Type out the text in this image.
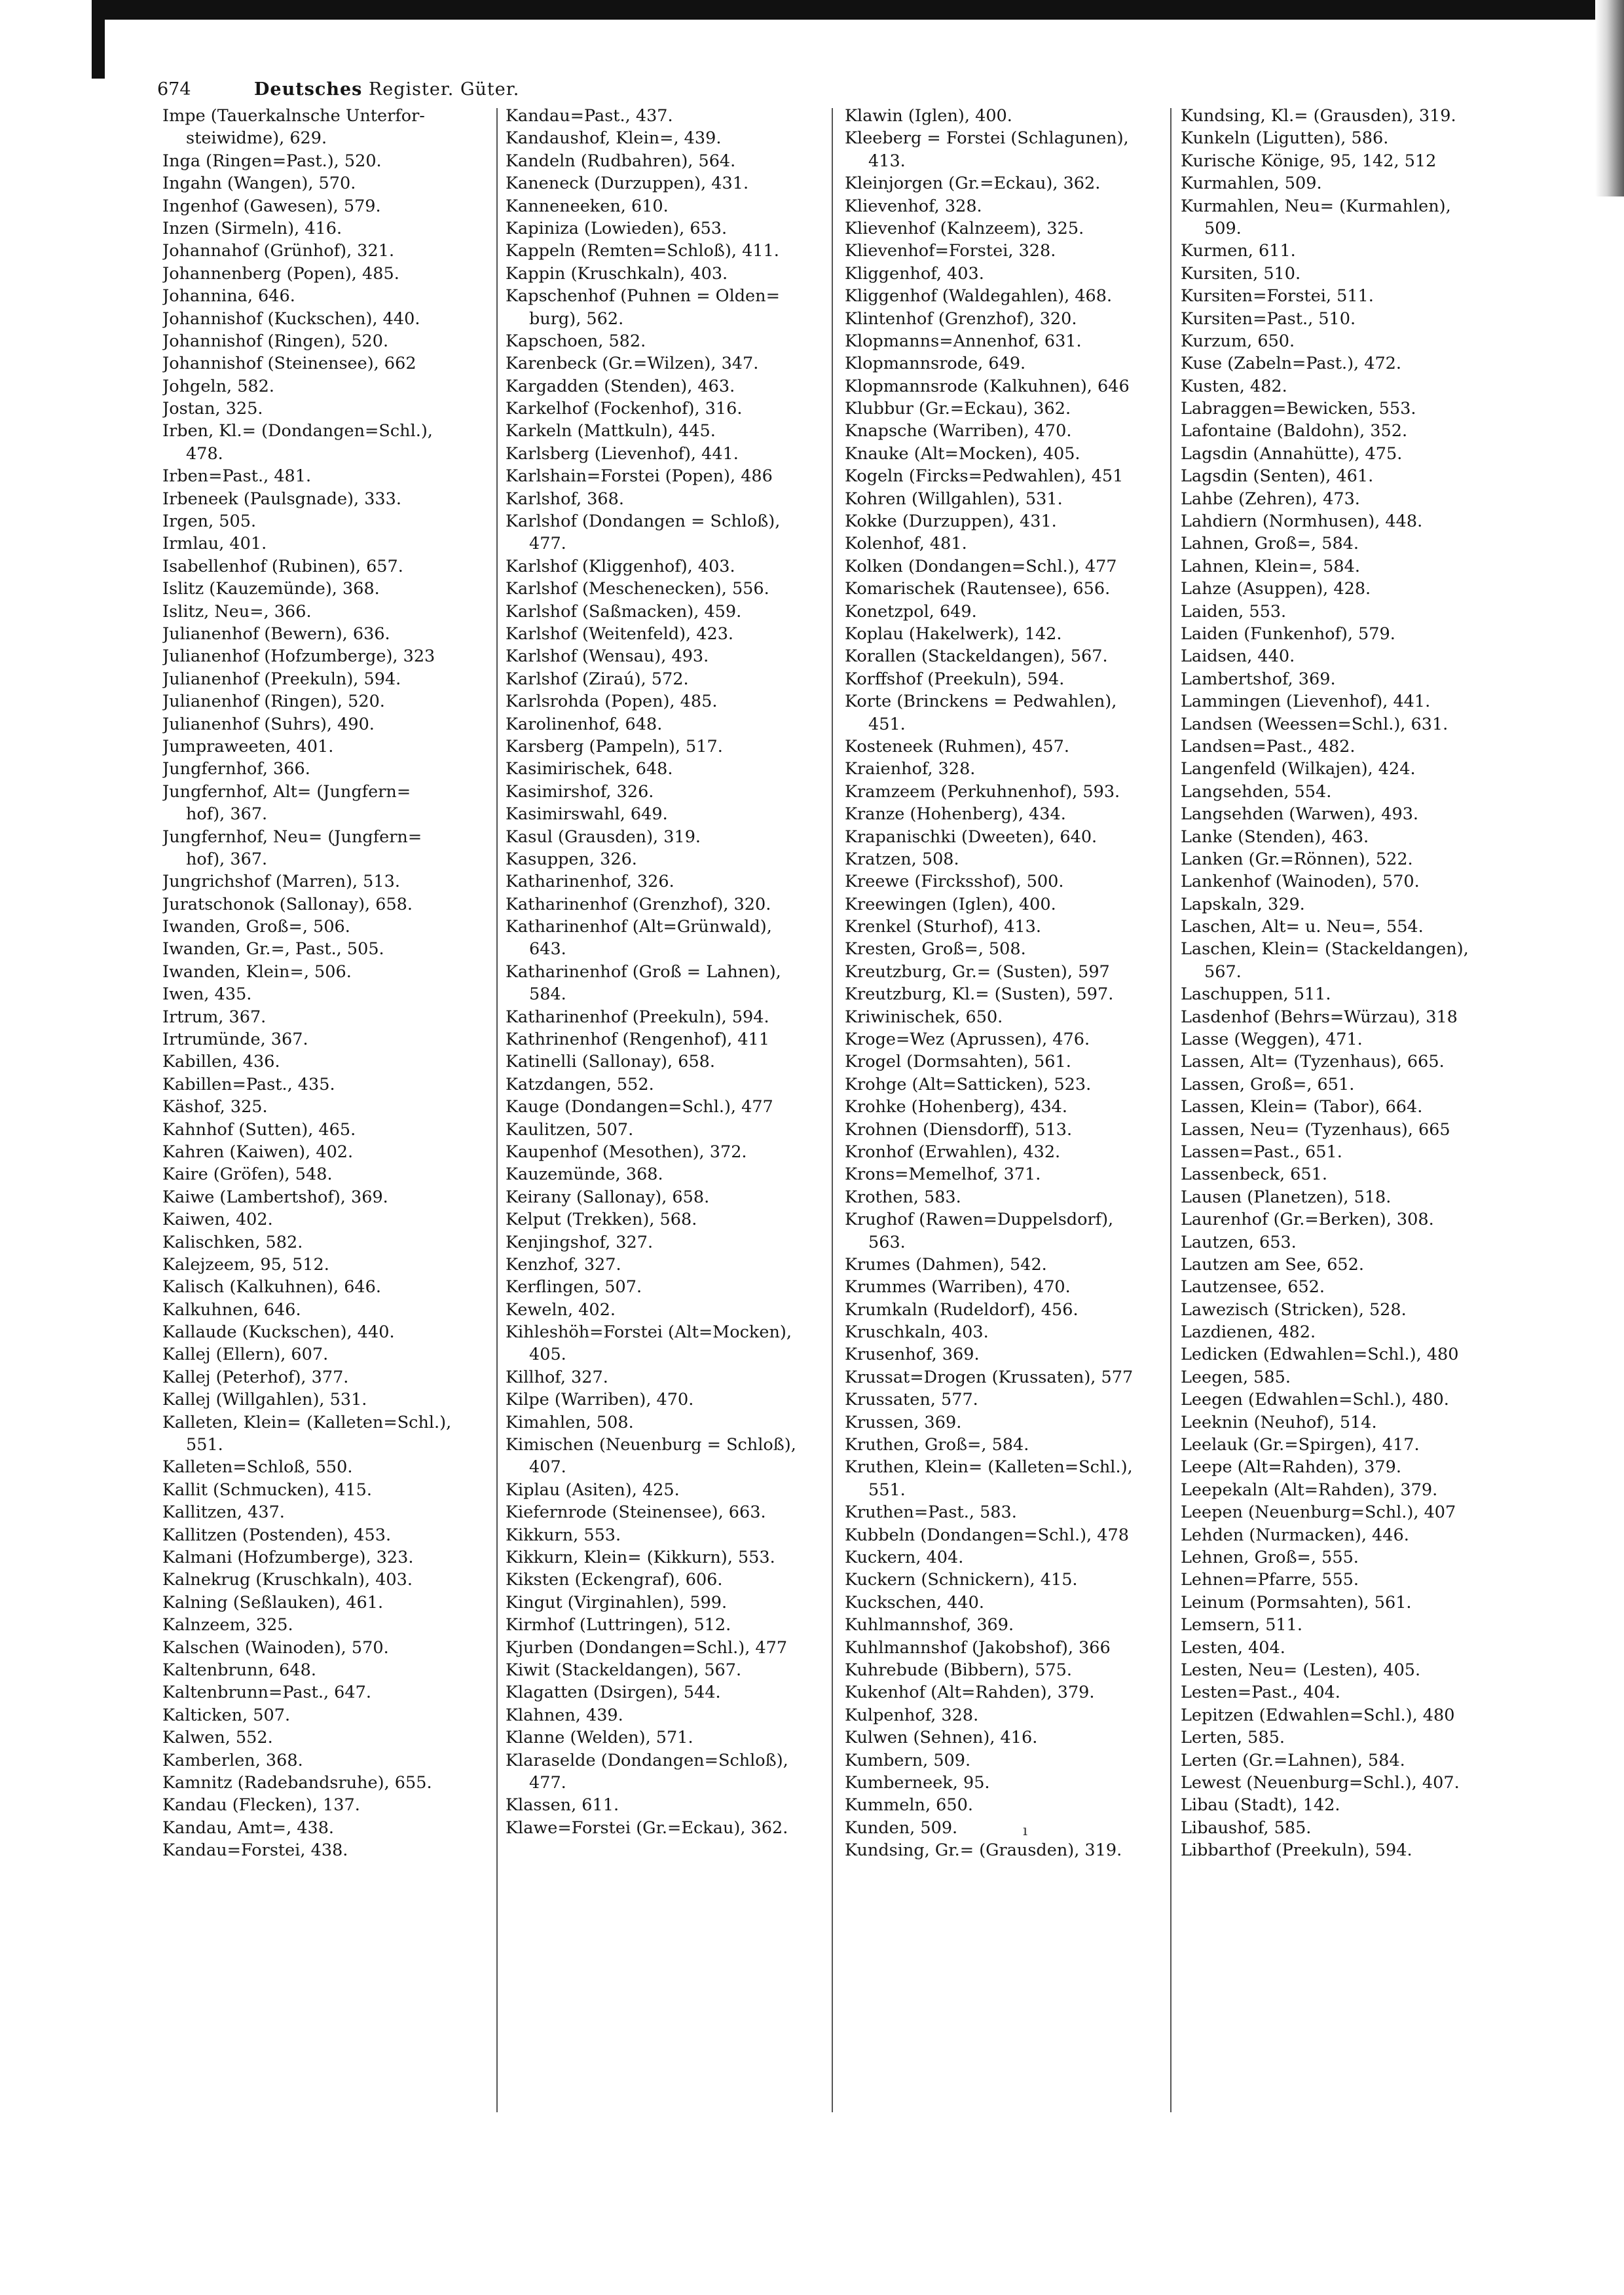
674	Deutsches Register. Güter.
Impe (Tauerkalnsche Unterfor-
steiwidme), 629.
Inga (Ringen=Past.), 520.
Ingahn (Wangen), 570.
Ingenhof (Gawesen), 579.
Inzen (Sirmeln), 416.
Johannahof (Grünhof), 321.
Johannenberg (Popen), 485.
Johannina, 646.
Johannishof (Kuckschen), 440.
Johannishof (Ringen), 520.
Johannishof (Steinensee), 662
Johgeln, 582.
Jostan, 325.
Irben, Kl.= (Dondangen=Schl.),
478.
Irben=Past., 481.
Irbeneek (Paulsgnade), 333.
Irgen, 505.
Irmlau, 401.
Isabellenhof (Rubinen), 657.
Islitz (Kauzemünde), 368.
Islitz, Neu=, 366.
Julianenhof (Bewern), 636.
Julianenhof (Hofzumberge), 323
Julianenhof (Preekuln), 594.
Julianenhof (Ringen), 520.
Julianenhof (Suhrs), 490.
Jumpraweeten, 401.
Jungfernhof, 366.
Jungfernhof, Alt= (Jungfern=
hof), 367.
Jungfernhof, Neu= (Jungfern=
hof), 367.
Jungrichshof (Marren), 513.
Juratschonok (Sallonay), 658.
Iwanden, Groß=, 506.
Iwanden, Gr.=, Past., 505.
Iwanden, Klein=, 506.
Iwen, 435.
Irtrum, 367.
Irtrumünde, 367.
Kabillen, 436.
Kabillen=Past., 435.
Käshof, 325.
Kahnhof (Sutten), 465.
Kahren (Kaiwen), 402.
Kaire (Gröfen), 548.
Kaiwe (Lambertshof), 369.
Kaiwen, 402.
Kalischken, 582.
Kalejzeem, 95, 512.
Kalisch (Kalkuhnen), 646.
Kalkuhnen, 646.
Kallaude (Kuckschen), 440.
Kallej (Ellern), 607.
Kallej (Peterhof), 377.
Kallej (Willgahlen), 531.
Kalleten, Klein= (Kalleten=Schl.),
551.
Kalleten=Schloß, 550.
Kallit (Schmucken), 415.
Kallitzen, 437.
Kallitzen (Postenden), 453.
Kalmani (Hofzumberge), 323.
Kalnekrug (Kruschkaln), 403.
Kalning (Seßlauken), 461.
Kalnzeem, 325.
Kalschen (Wainoden), 570.
Kaltenbrunn, 648.
Kaltenbrunn=Past., 647.
Kalticken, 507.
Kalwen, 552.
Kamberlen, 368.
Kamnitz (Radebandsruhe), 655.
Kandau (Flecken), 137.
Kandau, Amt=, 438.
Kandau=Forstei, 438.
Kandau=Past., 437.
Kandaushof, Klein=, 439.
Kandeln (Rudbahren), 564.
Kaneneck (Durzuppen), 431.
Kanneneeken, 610.
Kapiniza (Lowieden), 653.
Kappeln (Remten=Schloß), 411.
Kappin (Kruschkaln), 403.
Kapschenhof (Puhnen = Olden=
burg), 562.
Kapschoen, 582.
Karenbeck (Gr.=Wilzen), 347.
Kargadden (Stenden), 463.
Karkelhof (Fockenhof), 316.
Karkeln (Mattkuln), 445.
Karlsberg (Lievenhof), 441.
Karlshain=Forstei (Popen), 486
Karlshof, 368.
Karlshof (Dondangen = Schloß),
477.
Karlshof (Kliggenhof), 403.
Karlshof (Meschenecken), 556.
Karlshof (Saßmacken), 459.
Karlshof (Weitenfeld), 423.
Karlshof (Wensau), 493.
Karlshof (Ziraú), 572.
Karlsrohda (Popen), 485.
Karolinenhof, 648.
Karsberg (Pampeln), 517.
Kasimirischek, 648.
Kasimirshof, 326.
Kasimirswahl, 649.
Kasul (Grausden), 319.
Kasuppen, 326.
Katharinenhof, 326.
Katharinenhof (Grenzhof), 320.
Katharinenhof (Alt=Grünwald),
643.
Katharinenhof (Groß = Lahnen),
584.
Katharinenhof (Preekuln), 594.
Kathrinenhof (Rengenhof), 411
Katinelli (Sallonay), 658.
Katzdangen, 552.
Kauge (Dondangen=Schl.), 477
Kaulitzen, 507.
Kaupenhof (Mesothen), 372.
Kauzemünde, 368.
Keirany (Sallonay), 658.
Kelput (Trekken), 568.
Kenjingshof, 327.
Kenzhof, 327.
Kerflingen, 507.
Keweln, 402.
Kihleshöh=Forstei (Alt=Mocken),
405.
Killhof, 327.
Kilpe (Warriben), 470.
Kimahlen, 508.
Kimischen (Neuenburg = Schloß),
407.
Kiplau (Asiten), 425.
Kiefernrode (Steinensee), 663.
Kikkurn, 553.
Kikkurn, Klein= (Kikkurn), 553.
Kiksten (Eckengraf), 606.
Kingut (Virginahlen), 599.
Kirmhof (Luttringen), 512.
Kjurben (Dondangen=Schl.), 477
Kiwit (Stackeldangen), 567.
Klagatten (Dsirgen), 544.
Klahnen, 439.
Klanne (Welden), 571.
Klaraselde (Dondangen=Schloß),
477.
Klassen, 611.
Klawe=Forstei (Gr.=Eckau), 362.
Klawin (Iglen), 400.
Kleeberg = Forstei (Schlagunen),
413.
Kleinjorgen (Gr.=Eckau), 362.
Klievenhof, 328.
Klievenhof (Kalnzeem), 325.
Klievenhof=Forstei, 328.
Kliggenhof, 403.
Kliggenhof (Waldegahlen), 468.
Klintenhof (Grenzhof), 320.
Klopmanns=Annenhof, 631.
Klopmannsrode, 649.
Klopmannsrode (Kalkuhnen), 646
Klubbur (Gr.=Eckau), 362.
Knapsche (Warriben), 470.
Knauke (Alt=Mocken), 405.
Kogeln (Fircks=Pedwahlen), 451
Kohren (Willgahlen), 531.
Kokke (Durzuppen), 431.
Kolenhof, 481.
Kolken (Dondangen=Schl.), 477
Komarischek (Rautensee), 656.
Konetzpol, 649.
Koplau (Hakelwerk), 142.
Korallen (Stackeldangen), 567.
Korffshof (Preekuln), 594.
Korte (Brinckens = Pedwahlen),
451.
Kosteneek (Ruhmen), 457.
Kraienhof, 328.
Kramzeem (Perkuhnenhof), 593.
Kranze (Hohenberg), 434.
Krapanischki (Dweeten), 640.
Kratzen, 508.
Kreewe (Fircksshof), 500.
Kreewingen (Iglen), 400.
Krenkel (Sturhof), 413.
Kresten, Groß=, 508.
Kreutzburg, Gr.= (Susten), 597
Kreutzburg, Kl.= (Susten), 597.
Kriwinischek, 650.
Kroge=Wez (Aprussen), 476.
Krogel (Dormsahten), 561.
Krohge (Alt=Satticken), 523.
Krohke (Hohenberg), 434.
Krohnen (Diensdorff), 513.
Kronhof (Erwahlen), 432.
Krons=Memelhof, 371.
Krothen, 583.
Krughof (Rawen=Duppelsdorf),
563.
Krumes (Dahmen), 542.
Krummes (Warriben), 470.
Krumkaln (Rudeldorf), 456.
Kruschkaln, 403.
Krusenhof, 369.
Krussat=Drogen (Krussaten), 577
Krussaten, 577.
Krussen, 369.
Kruthen, Groß=, 584.
Kruthen, Klein= (Kalleten=Schl.),
551.
Kruthen=Past., 583.
Kubbeln (Dondangen=Schl.), 478
Kuckern, 404.
Kuckern (Schnickern), 415.
Kuckschen, 440.
Kuhlmannshof, 369.
Kuhlmannshof (Jakobshof), 366
Kuhrebude (Bibbern), 575.
Kukenhof (Alt=Rahden), 379.
Kulpenhof, 328.
Kulwen (Sehnen), 416.
Kumbern, 509.
Kumberneek, 95.
Kummeln, 650.
Kunden, 509.
Kundsing, Gr.= (Grausden), 319.
Kundsing, Kl.= (Grausden), 319.
Kunkeln (Ligutten), 586.
Kurische Könige, 95, 142, 512
Kurmahlen, 509.
Kurmahlen, Neu= (Kurmahlen),
509.
Kurmen, 611.
Kursiten, 510.
Kursiten=Forstei, 511.
Kursiten=Past., 510.
Kurzum, 650.
Kuse (Zabeln=Past.), 472.
Kusten, 482.
Labraggen=Bewicken, 553.
Lafontaine (Baldohn), 352.
Lagsdin (Annahütte), 475.
Lagsdin (Senten), 461.
Lahbe (Zehren), 473.
Lahdiern (Normhusen), 448.
Lahnen, Groß=, 584.
Lahnen, Klein=, 584.
Lahze (Asuppen), 428.
Laiden, 553.
Laiden (Funkenhof), 579.
Laidsen, 440.
Lambertshof, 369.
Lammingen (Lievenhof), 441.
Landsen (Weessen=Schl.), 631.
Landsen=Past., 482.
Langenfeld (Wilkajen), 424.
Langsehden, 554.
Langsehden (Warwen), 493.
Lanke (Stenden), 463.
Lanken (Gr.=Rönnen), 522.
Lankenhof (Wainoden), 570.
Lapskaln, 329.
Laschen, Alt= u. Neu=, 554.
Laschen, Klein= (Stackeldangen),
567.
Laschuppen, 511.
Lasdenhof (Behrs=Würzau), 318
Lasse (Weggen), 471.
Lassen, Alt= (Tyzenhaus), 665.
Lassen, Groß=, 651.
Lassen, Klein= (Tabor), 664.
Lassen, Neu= (Tyzenhaus), 665
Lassen=Past., 651.
Lassenbeck, 651.
Lausen (Planetzen), 518.
Laurenhof (Gr.=Berken), 308.
Lautzen, 653.
Lautzen am See, 652.
Lautzensee, 652.
Lawezisch (Stricken), 528.
Lazdienen, 482.
Ledicken (Edwahlen=Schl.), 480
Leegen, 585.
Leegen (Edwahlen=Schl.), 480.
Leeknin (Neuhof), 514.
Leelauk (Gr.=Spirgen), 417.
Leepe (Alt=Rahden), 379.
Leepekaln (Alt=Rahden), 379.
Leepen (Neuenburg=Schl.), 407
Lehden (Nurmacken), 446.
Lehnen, Groß=, 555.
Lehnen=Pfarre, 555.
Leinum (Pormsahten), 561.
Lemsern, 511.
Lesten, 404.
Lesten, Neu= (Lesten), 405.
Lesten=Past., 404.
Lepitzen (Edwahlen=Schl.), 480
Lerten, 585.
Lerten (Gr.=Lahnen), 584.
Lewest (Neuenburg=Schl.), 407.
Libau (Stadt), 142.
Libaushof, 585.
Libbarthof (Preekuln), 594.
ı
